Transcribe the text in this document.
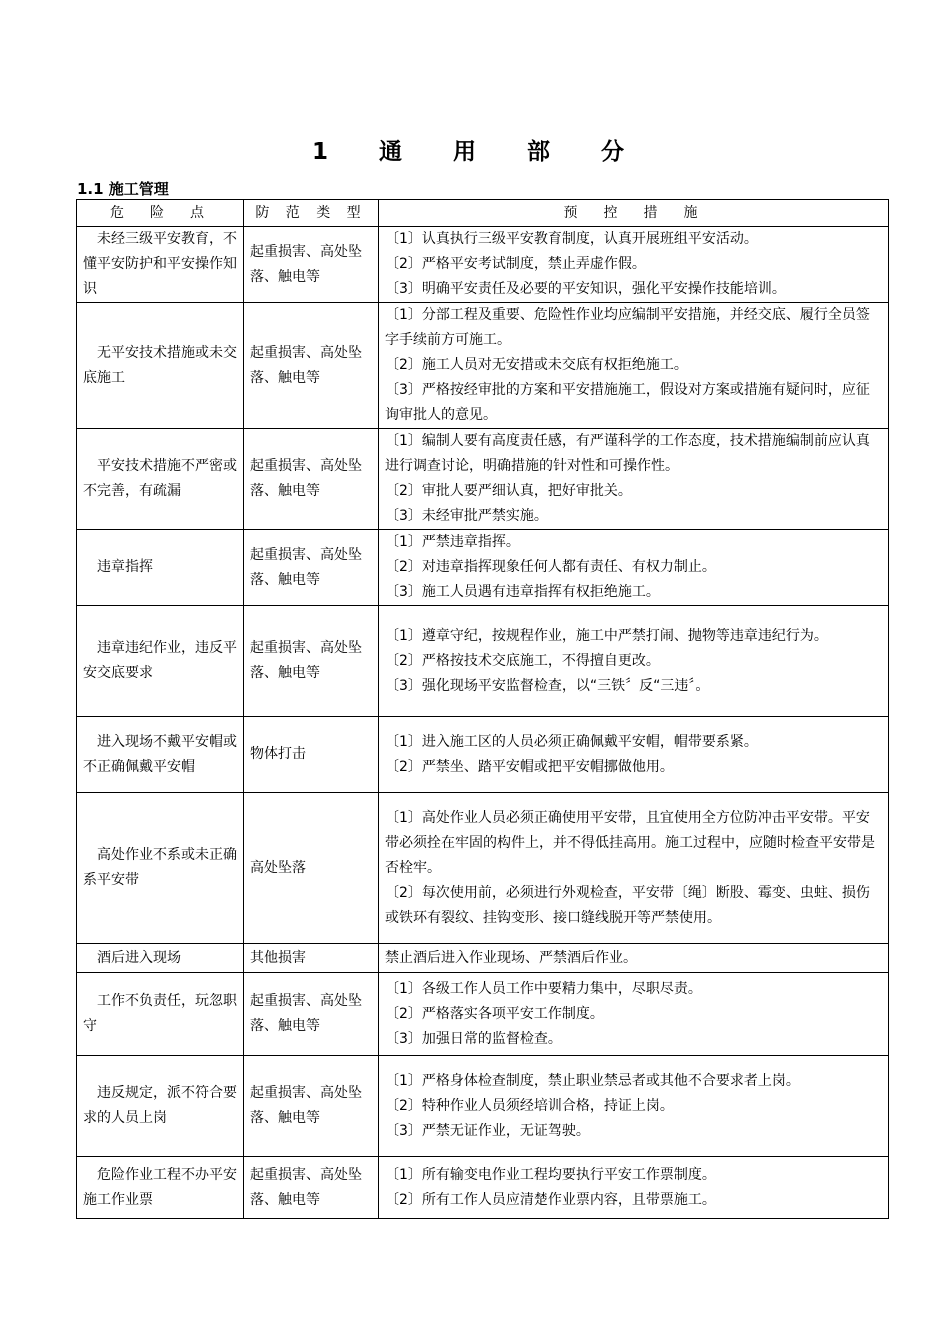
1　通　用　部　分
1.1 施工管理
危　险　点	防 范 类 型	预　控　措　施
未经三级平安教育，不懂平安防护和平安操作知识	起重损害、高处坠落、触电等	〔1〕认真执行三级平安教育制度，认真开展班组平安活动。
〔2〕严格平安考试制度，禁止弄虚作假。
〔3〕明确平安责任及必要的平安知识，强化平安操作技能培训。

无平安技术措施或未交底施工	起重损害、高处坠落、触电等	〔1〕分部工程及重要、危险性作业均应编制平安措施，并经交底、履行全员签字手续前方可施工。
〔2〕施工人员对无安措或未交底有权拒绝施工。
〔3〕严格按经审批的方案和平安措施施工，假设对方案或措施有疑问时，应征询审批人的意见。

平安技术措施不严密或不完善，有疏漏	起重损害、高处坠落、触电等	〔1〕编制人要有高度责任感，有严谨科学的工作态度，技术措施编制前应认真进行调查讨论，明确措施的针对性和可操作性。
〔2〕审批人要严细认真，把好审批关。
〔3〕未经审批严禁实施。

违章指挥	起重损害、高处坠落、触电等	〔1〕严禁违章指挥。
〔2〕对违章指挥现象任何人都有责任、有权力制止。
〔3〕施工人员遇有违章指挥有权拒绝施工。

违章违纪作业，违反平安交底要求	起重损害、高处坠落、触电等	〔1〕遵章守纪，按规程作业，施工中严禁打闹、抛物等违章违纪行为。
〔2〕严格按技术交底施工，不得擅自更改。
〔3〕强化现场平安监督检查，以“三铁〞反“三违〞。

进入现场不戴平安帽或不正确佩戴平安帽	物体打击	〔1〕进入施工区的人员必须正确佩戴平安帽，帽带要系紧。
〔2〕严禁坐、踏平安帽或把平安帽挪做他用。

高处作业不系或未正确系平安带	高处坠落	〔1〕高处作业人员必须正确使用平安带，且宜使用全方位防冲击平安带。平安带必须拴在牢固的构件上，并不得低挂高用。施工过程中，应随时检查平安带是否栓牢。
〔2〕每次使用前，必须进行外观检查，平安带〔绳〕断股、霉变、虫蛀、损伤或铁环有裂纹、挂钩变形、接口缝线脱开等严禁使用。

酒后进入现场	其他损害	禁止酒后进入作业现场、严禁酒后作业。

工作不负责任，玩忽职守	起重损害、高处坠落、触电等	〔1〕各级工作人员工作中要精力集中，尽职尽责。
〔2〕严格落实各项平安工作制度。
〔3〕加强日常的监督检查。

违反规定，派不符合要求的人员上岗	起重损害、高处坠落、触电等	〔1〕严格身体检查制度，禁止职业禁忌者或其他不合要求者上岗。
〔2〕特种作业人员须经培训合格，持证上岗。
〔3〕严禁无证作业，无证驾驶。

危险作业工程不办平安施工作业票	起重损害、高处坠落、触电等	〔1〕所有输变电作业工程均要执行平安工作票制度。
〔2〕所有工作人员应清楚作业票内容，且带票施工。
